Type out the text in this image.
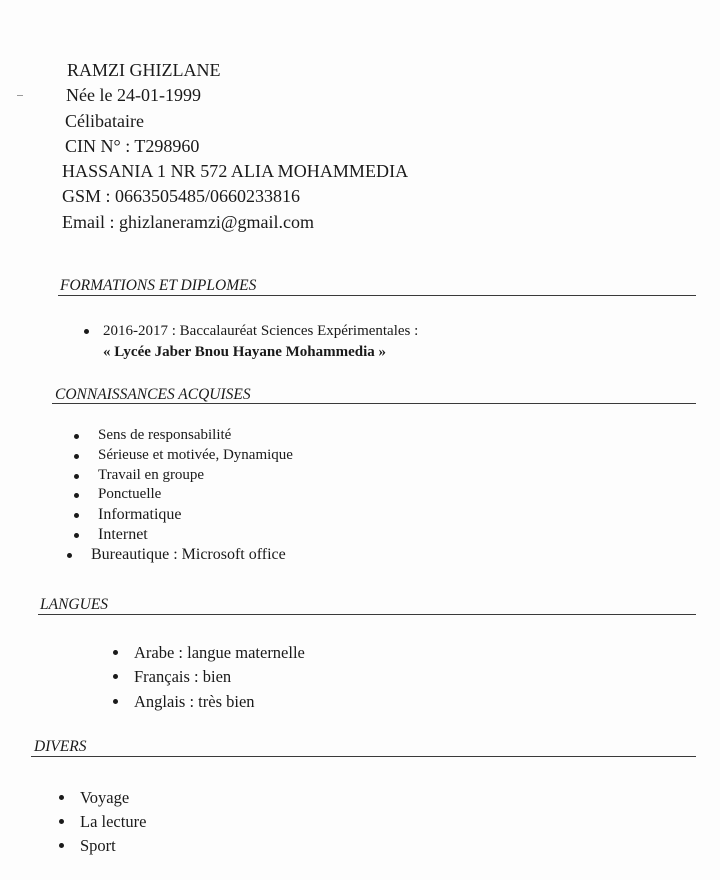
RAMZI GHIZLANE
Née le 24-01-1999
Célibataire
CIN N° : T298960
HASSANIA 1 NR 572 ALIA MOHAMMEDIA
GSM : 0663505485/0660233816
Email : ghizlaneramzi@gmail.com
FORMATIONS ET DIPLOMES
2016-2017 : Baccalauréat Sciences Expérimentales :
« Lycée Jaber Bnou Hayane Mohammedia »
CONNAISSANCES ACQUISES
Sens de responsabilité
Sérieuse et motivée, Dynamique
Travail en groupe
Ponctuelle
Informatique
Internet
Bureautique : Microsoft office
LANGUES
Arabe : langue maternelle
Français : bien
Anglais : très bien
DIVERS
Voyage
La lecture
Sport
